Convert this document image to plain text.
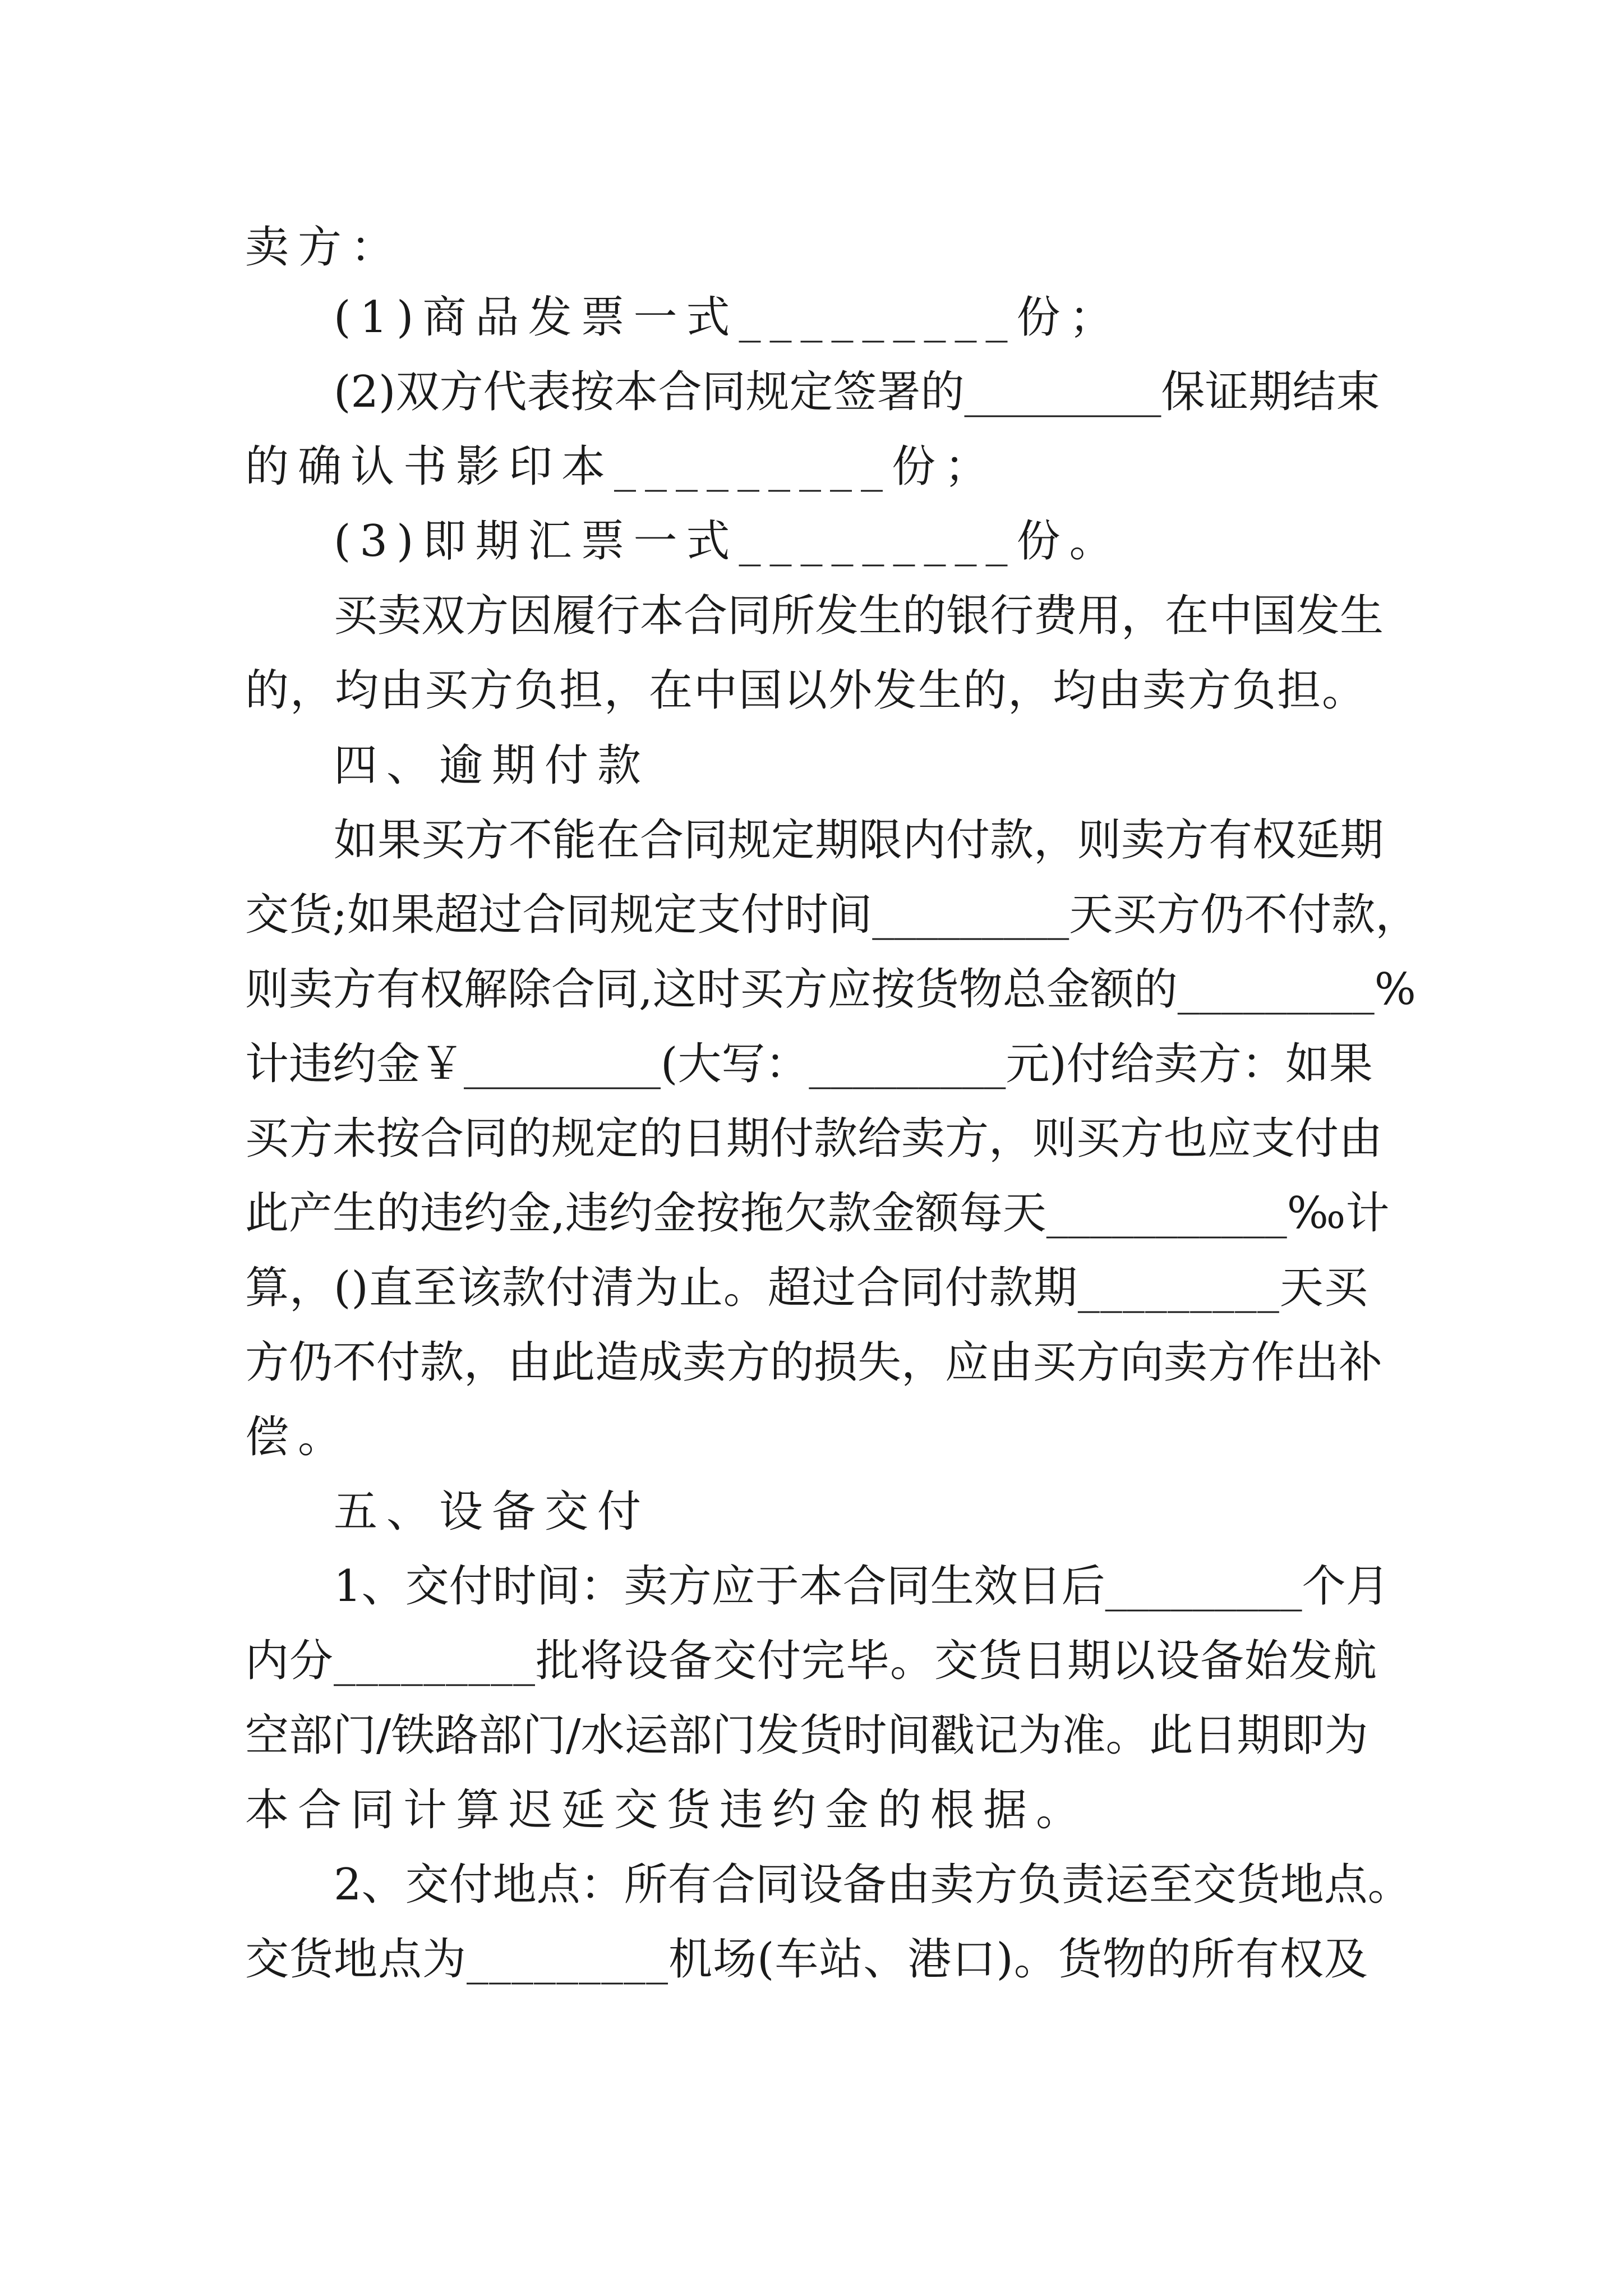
卖方：
(1)商品发票一式_________份；
(2)双方代表按本合同规定签署的_________保证期结束
的确认书影印本_________份；
(3)即期汇票一式_________份。
买卖双方因履行本合同所发生的银行费用，在中国发生
的，均由买方负担，在中国以外发生的，均由卖方负担。
四、逾期付款
如果买方不能在合同规定期限内付款，则卖方有权延期
交货;如果超过合同规定支付时间_________天买方仍不付款，
则卖方有权解除合同,这时买方应按货物总金额的_________%
计违约金￥_________(大写：_________元)付给卖方：如果
买方未按合同的规定的日期付款给卖方，则买方也应支付由
此产生的违约金,违约金按拖欠款金额每天___________‰计
算，()直至该款付清为止。超过合同付款期_________天买
方仍不付款，由此造成卖方的损失，应由买方向卖方作出补
偿。
五、设备交付
1、交付时间：卖方应于本合同生效日后_________个月
内分_________批将设备交付完毕。交货日期以设备始发航
空部门/铁路部门/水运部门发货时间戳记为准。此日期即为
本合同计算迟延交货违约金的根据。
2、交付地点：所有合同设备由卖方负责运至交货地点。
交货地点为_________机场(车站、港口)。货物的所有权及
